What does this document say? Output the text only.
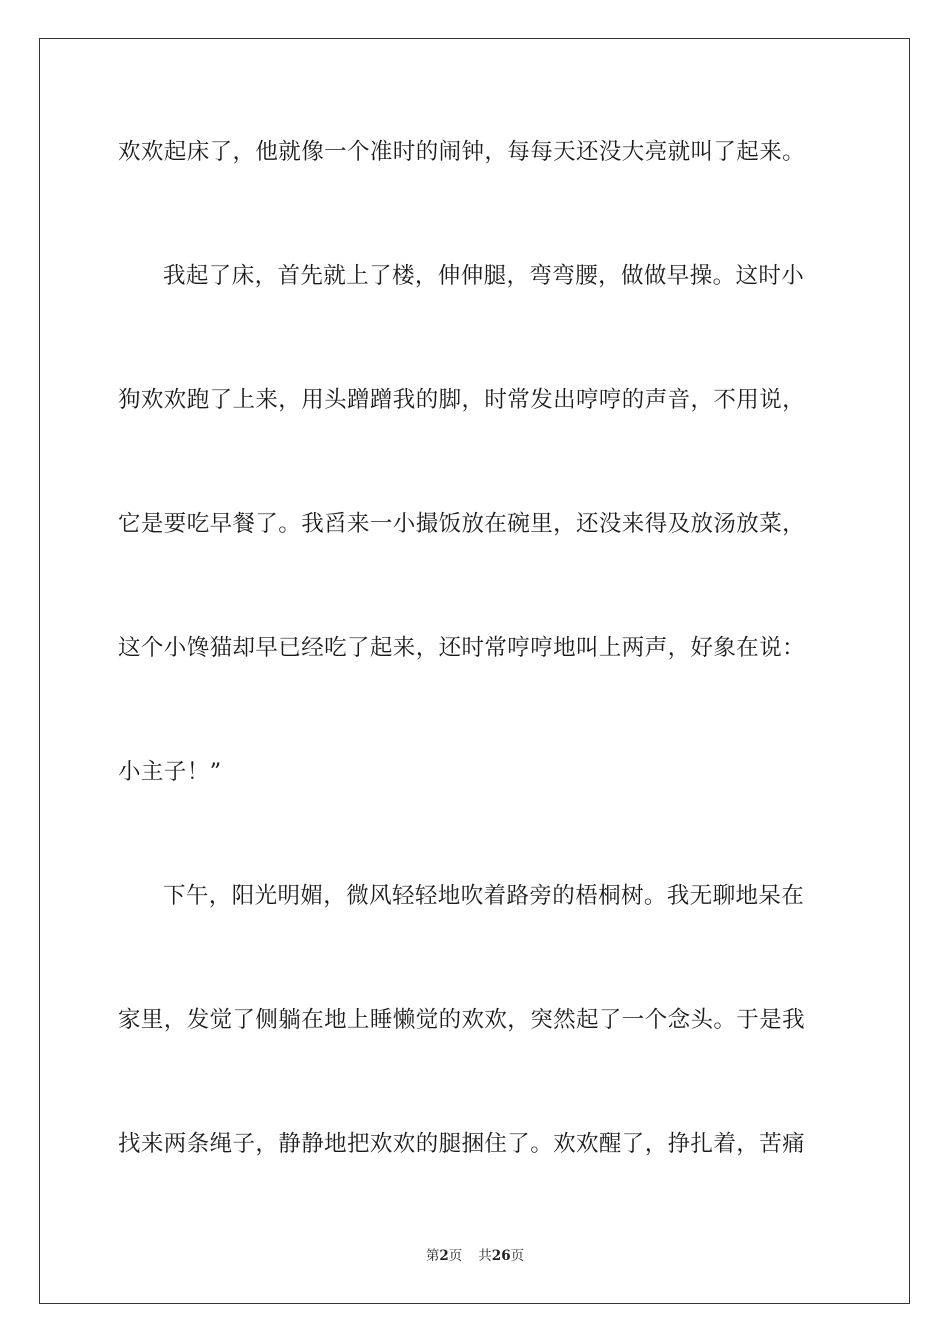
欢欢起床了，他就像一个准时的闹钟，每每天还没大亮就叫了起来。
我起了床，首先就上了楼，伸伸腿，弯弯腰，做做早操。这时小
狗欢欢跑了上来，用头蹭蹭我的脚，时常发出哼哼的声音，不用说，
它是要吃早餐了。我舀来一小撮饭放在碗里，还没来得及放汤放菜，
这个小馋猫却早已经吃了起来，还时常哼哼地叫上两声，好象在说：
小主子！”
下午，阳光明媚，微风轻轻地吹着路旁的梧桐树。我无聊地呆在
家里，发觉了侧躺在地上睡懒觉的欢欢，突然起了一个念头。于是我
找来两条绳子，静静地把欢欢的腿捆住了。欢欢醒了，挣扎着，苦痛
第2页 共26页
